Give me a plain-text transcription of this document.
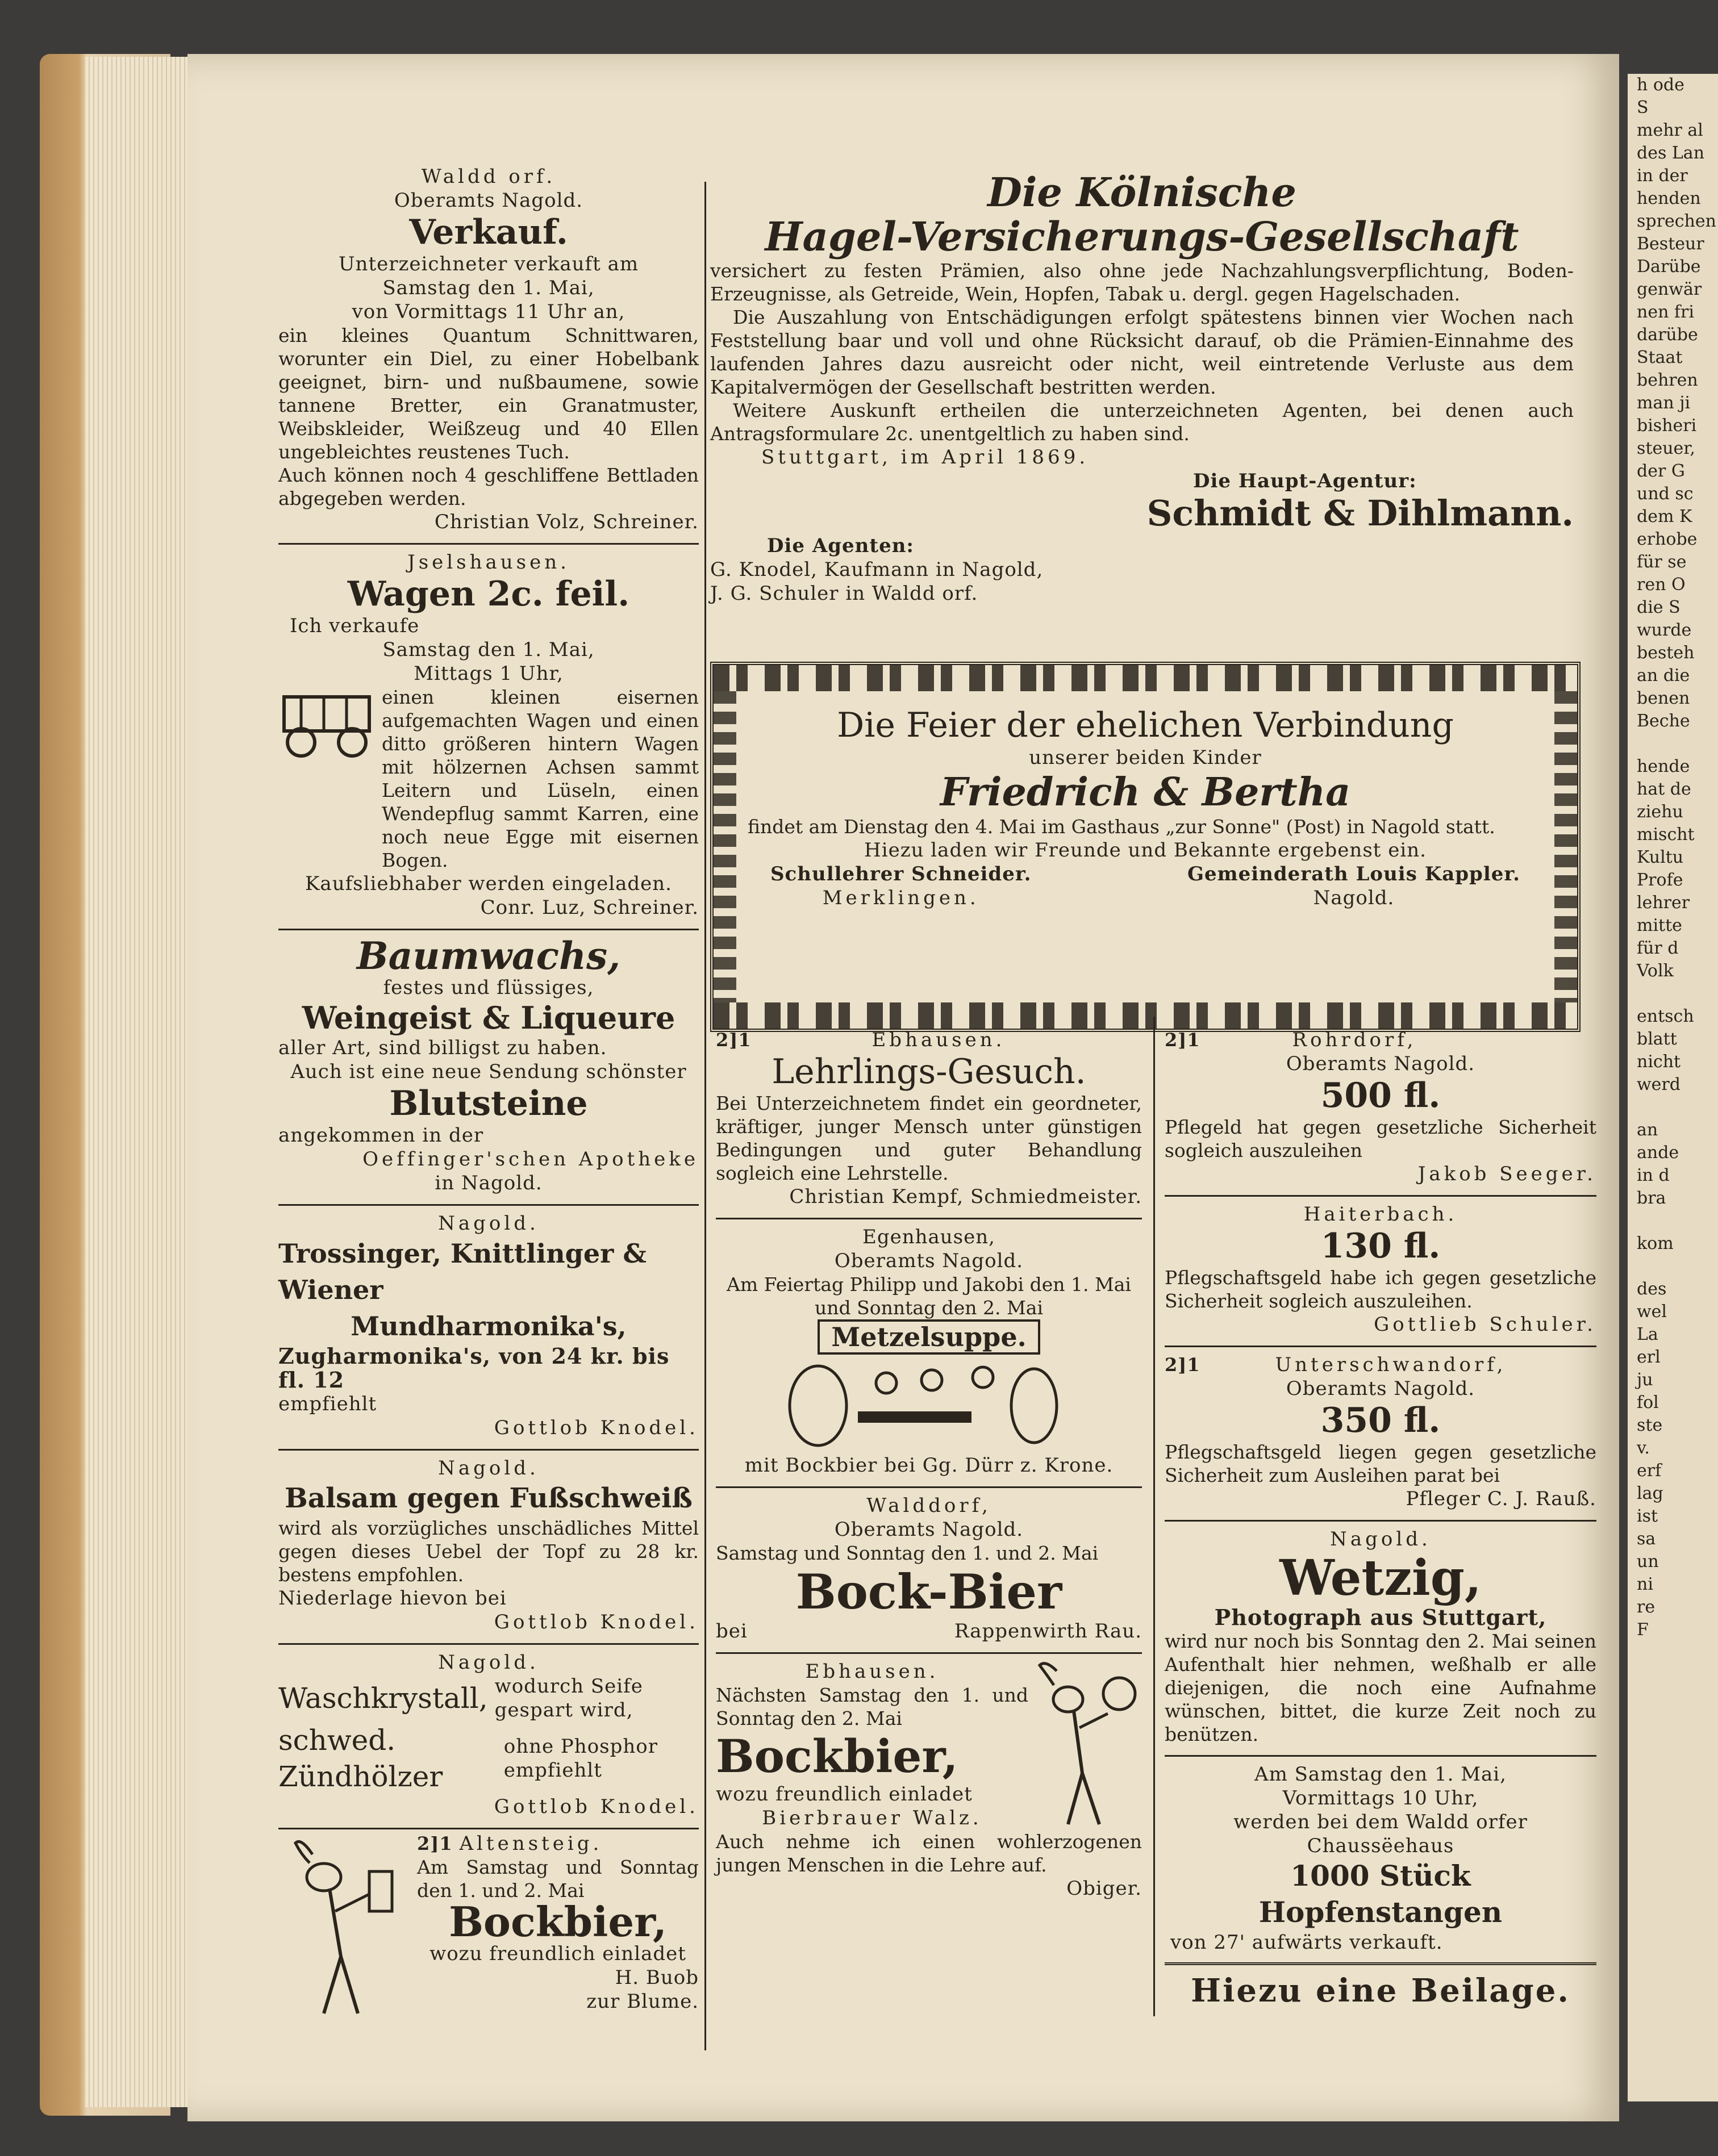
Waldd orf.
Oberamts Nagold.
Verkauf.
Unterzeichneter verkauft am
Samstag den 1. Mai,
von Vormittags 11 Uhr an,
ein kleines Quantum Schnittwaren, worunter ein Diel, zu einer Hobelbank geeignet, birn- und nußbaumene, sowie tannene Bretter, ein Granatmuster, Weibskleider, Weißzeug und 40 Ellen ungebleichtes reustenes Tuch.
Auch können noch 4 geschliffene Bettladen abgegeben werden.
Christian Volz, Schreiner.
Jselshausen.
Wagen 2c. feil.
Ich verkaufe
Samstag den 1. Mai,
Mittags 1 Uhr,
einen kleinen eisernen aufgemachten Wagen und einen ditto größeren hintern Wagen mit hölzernen Achsen sammt Leitern und Lüseln, einen Wendepflug sammt Karren, eine noch neue Egge mit eisernen Bogen.
Kaufsliebhaber werden eingeladen.
Conr. Luz, Schreiner.
Baumwachs,
festes und flüssiges,
Weingeist & Liqueure
aller Art, sind billigst zu haben.
Auch ist eine neue Sendung schönster
Blutsteine
angekommen in der
Oeffinger'schen Apotheke
in Nagold.
Nagold.
Trossinger, Knittlinger & Wiener
Mundharmonika's,
Zugharmonika's, von 24 kr. bis fl. 12
empfiehlt
Gottlob Knodel.
Nagold.
Balsam gegen Fußschweiß
wird als vorzügliches unschädliches Mittel gegen dieses Uebel der Topf zu 28 kr. bestens empfohlen.
Niederlage hievon bei
Gottlob Knodel.
Nagold.
Waschkrystall, wodurch Seife gespart wird,
schwed. Zündhölzer
ohne Phosphor empfiehlt
Gottlob Knodel.
2]1 Altensteig.
Am Samstag und Sonntag den 1. und 2. Mai
Bockbier,
wozu freundlich einladet
H. Buob
zur Blume.
Die Kölnische
Hagel-Versicherungs-Gesellschaft
versichert zu festen Prämien, also ohne jede Nachzahlungsverpflichtung, Boden-Erzeugnisse, als Getreide, Wein, Hopfen, Tabak u. dergl. gegen Hagelschaden.
Die Auszahlung von Entschädigungen erfolgt spätestens binnen vier Wochen nach Feststellung baar und voll und ohne Rücksicht darauf, ob die Prämien-Einnahme des laufenden Jahres dazu ausreicht oder nicht, weil eintretende Verluste aus dem Kapitalvermögen der Gesellschaft bestritten werden.
Weitere Auskunft ertheilen die unterzeichneten Agenten, bei denen auch Antragsformulare 2c. unentgeltlich zu haben sind.
Stuttgart, im April 1869.
Die Haupt-Agentur:
Schmidt & Dihlmann.
Die Agenten:
G. Knodel, Kaufmann in Nagold,
J. G. Schuler in Waldd orf.
Die Feier der ehelichen Verbindung
unserer beiden Kinder
Friedrich & Bertha
findet am Dienstag den 4. Mai im Gasthaus „zur Sonne" (Post) in Nagold statt.
Hiezu laden wir Freunde und Bekannte ergebenst ein.
Schullehrer Schneider.
Merklingen.
Gemeinderath Louis Kappler.
Nagold.
2]1	Ebhausen.
Lehrlings-Gesuch.
Bei Unterzeichnetem findet ein geordneter, kräftiger, junger Mensch unter günstigen Bedingungen und guter Behandlung sogleich eine Lehrstelle.
Christian Kempf, Schmiedmeister.
Egenhausen,
Oberamts Nagold.
Am Feiertag Philipp und Jakobi den 1. Mai und Sonntag den 2. Mai
Metzelsuppe.
mit Bockbier bei Gg. Dürr z. Krone.
Walddorf,
Oberamts Nagold.
Samstag und Sonntag den 1. und 2. Mai
Bock-Bier
bei	Rappenwirth Rau.
Ebhausen.
Nächsten Samstag den 1. und Sonntag den 2. Mai
Bockbier,
wozu freundlich einladet
Bierbrauer Walz.
Auch nehme ich einen wohlerzogenen jungen Menschen in die Lehre auf.
Obiger.
2]1	Rohrdorf,
Oberamts Nagold.
500 fl.
Pflegeld hat gegen gesetzliche Sicherheit sogleich auszuleihen
Jakob Seeger.
Haiterbach.
130 fl.
Pflegschaftsgeld habe ich gegen gesetzliche Sicherheit sogleich auszuleihen.
Gottlieb Schuler.
2]1	Unterschwandorf,
Oberamts Nagold.
350 fl.
Pflegschaftsgeld liegen gegen gesetzliche Sicherheit zum Ausleihen parat bei
Pfleger C. J. Rauß.
Nagold.
Wetzig,
Photograph aus Stuttgart,
wird nur noch bis Sonntag den 2. Mai seinen Aufenthalt hier nehmen, weßhalb er alle diejenigen, die noch eine Aufnahme wünschen, bittet, die kurze Zeit noch zu benützen.
Am Samstag den 1. Mai,
Vormittags 10 Uhr,
werden bei dem Waldd orfer Chaussëehaus
1000 Stück Hopfenstangen
von 27' aufwärts verkauft.
Hiezu eine Beilage.
h ode
S
mehr al
des Lan
in der
henden
sprechen
Besteur
Darübe
genwär
nen fri
darübe
Staat
behren
man ji
bisheri
steuer,
der G
und sc
dem K
erhobe
für se
ren O
die S
wurde
besteh
an die
benen
Beche

hende
hat de
ziehu
mischt
Kultu
Profe
lehrer
mitte
für d
Volk

entsch
blatt
nicht
werd

an
ande
in d
bra

kom

des
wel
La
erl
ju
fol
ste
v.
erf
lag
ist
sa
un
ni
re
F
